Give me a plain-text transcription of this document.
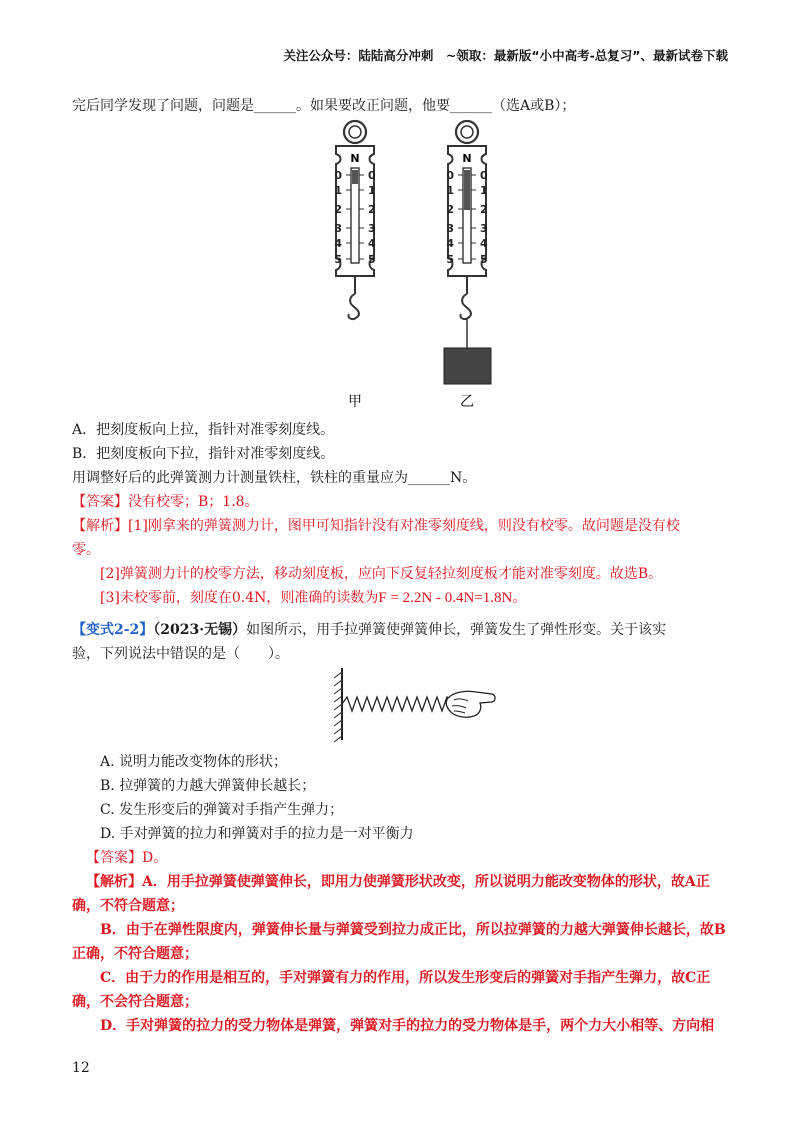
关注公众号：陆陆高分冲刺　~领取：最新版“小中高考-总复习”、最新试卷下载
完后同学发现了问题，问题是______。如果要改正问题，他要______（选A或B）；
N	N
0 0
1 1
2 2
3 3
4 4
5 5
0 0
1 1
2 2
3 3
4 4
5 5
甲	乙
A．把刻度板向上拉，指针对准零刻度线。
B．把刻度板向下拉，指针对准零刻度线。
用调整好后的此弹簧测力计测量铁柱，铁柱的重量应为______N。
【答案】没有校零；B；1.8。
【解析】[1]刚拿来的弹簧测力计，图甲可知指针没有对准零刻度线，则没有校零。故问题是没有校
零。
[2]弹簧测力计的校零方法，移动刻度板，应向下反复轻拉刻度板才能对准零刻度。故选B。
[3]未校零前，刻度在0.4N，则准确的读数为F = 2.2N - 0.4N=1.8N。
【变式2-2】（2023·无锡）如图所示，用手拉弹簧使弹簧伸长，弹簧发生了弹性形变。关于该实
验，下列说法中错误的是（　　）。
A. 说明力能改变物体的形状；
B. 拉弹簧的力越大弹簧伸长越长；
C. 发生形变后的弹簧对手指产生弹力；
D. 手对弹簧的拉力和弹簧对手的拉力是一对平衡力
【答案】D。
【解析】A．用手拉弹簧使弹簧伸长，即用力使弹簧形状改变，所以说明力能改变物体的形状，故A正
确，不符合题意；
B．由于在弹性限度内，弹簧伸长量与弹簧受到拉力成正比，所以拉弹簧的力越大弹簧伸长越长，故B
正确，不符合题意；
C．由于力的作用是相互的，手对弹簧有力的作用，所以发生形变后的弹簧对手指产生弹力，故C正
确，不会符合题意；
D．手对弹簧的拉力的受力物体是弹簧，弹簧对手的拉力的受力物体是手，两个力大小相等、方向相
12
